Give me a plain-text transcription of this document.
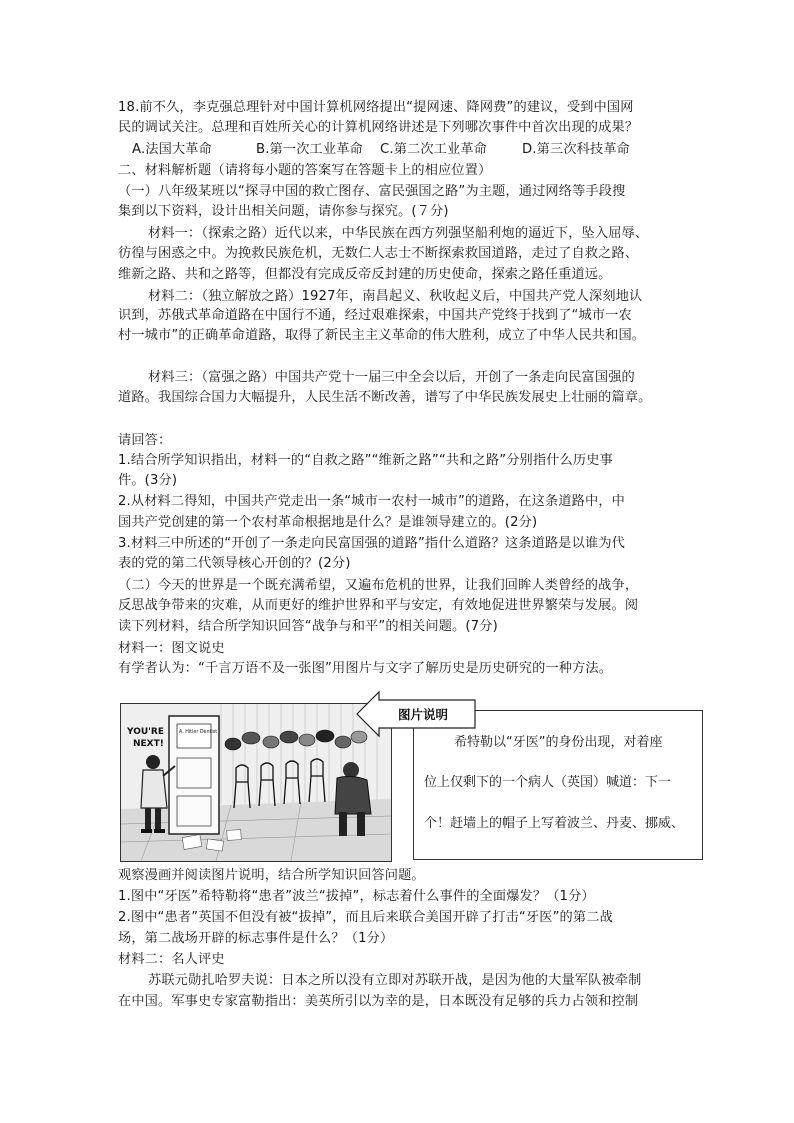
18.前不久，李克强总理针对中国计算机网络提出“提网速、降网费”的建议，受到中国网
民的调试关注。总理和百姓所关心的计算机网络讲述是下列哪次事件中首次出现的成果？
A.法国大革命	B.第一次工业革命 C.第二次工业革命	D.第三次科技革命
二、材料解析题（请将每小题的答案写在答题卡上的相应位置）
（一）八年级某班以“探寻中国的救亡图存、富民强国之路”为主题，通过网络等手段搜
集到以下资料，设计出相关问题，请你参与探究。(７分)
材料一：（探索之路）近代以来，中华民族在西方列强坚船利炮的逼近下，坠入屈辱、
彷徨与困惑之中。为挽救民族危机，无数仁人志士不断探索救国道路，走过了自救之路、
维新之路、共和之路等，但都没有完成反帝反封建的历史使命，探索之路任重道远。
材料二：（独立解放之路）1927年，南昌起义、秋收起义后，中国共产党人深刻地认
识到，苏俄式革命道路在中国行不通，经过艰难探索，中国共产党终于找到了“城市一农
村一城市”的正确革命道路，取得了新民主主义革命的伟大胜利，成立了中华人民共和国。
材料三：（富强之路）中国共产党十一届三中全会以后，开创了一条走向民富国强的
道路。我国综合国力大幅提升，人民生活不断改善，谱写了中华民族发展史上壮丽的篇章。
请回答：
1.结合所学知识指出，材料一的“自救之路”“维新之路”“共和之路”分别指什么历史事
件。(3分)
2.从材料二得知，中国共产党走出一条“城市一农村一城市”的道路，在这条道路中，中
国共产党创建的第一个农村革命根据地是什么？是谁领导建立的。(2分)
3.材料三中所述的“开创了一条走向民富国强的道路”指什么道路？这条道路是以谁为代
表的党的第二代领导核心开创的？(2分)
（二）今天的世界是一个既充满希望，又遍布危机的世界，让我们回眸人类曾经的战争，
反思战争带来的灾难，从而更好的维护世界和平与安定，有效地促进世界繁荣与发展。阅
读下列材料，结合所学知识回答“战争与和平”的相关问题。(7分)
材料一：图文说史
有学者认为：“千言万语不及一张图”用图片与文字了解历史是历史研究的一种方法。
A. Hitler Dentist
YOU'RE
NEXT!	希特勒以“牙医”的身份出现，对着座
位上仅剩下的一个病人（英国）喊道：下一
个！赶墙上的帽子上写着波兰、丹麦、挪威、
图片说明
观察漫画并阅读图片说明，结合所学知识回答问题。
1.图中“牙医”希特勒将“患者”波兰“拔掉”，标志着什么事件的全面爆发？（1分）
2.图中“患者”英国不但没有被“拔掉”，而且后来联合美国开辟了打击“牙医”的第二战
场，第二战场开辟的标志事件是什么？（1分）
材料二：名人评史
苏联元勋扎哈罗夫说：日本之所以没有立即对苏联开战，是因为他的大量军队被牵制
在中国。军事史专家富勒指出：美英所引以为幸的是，日本既没有足够的兵力占领和控制
